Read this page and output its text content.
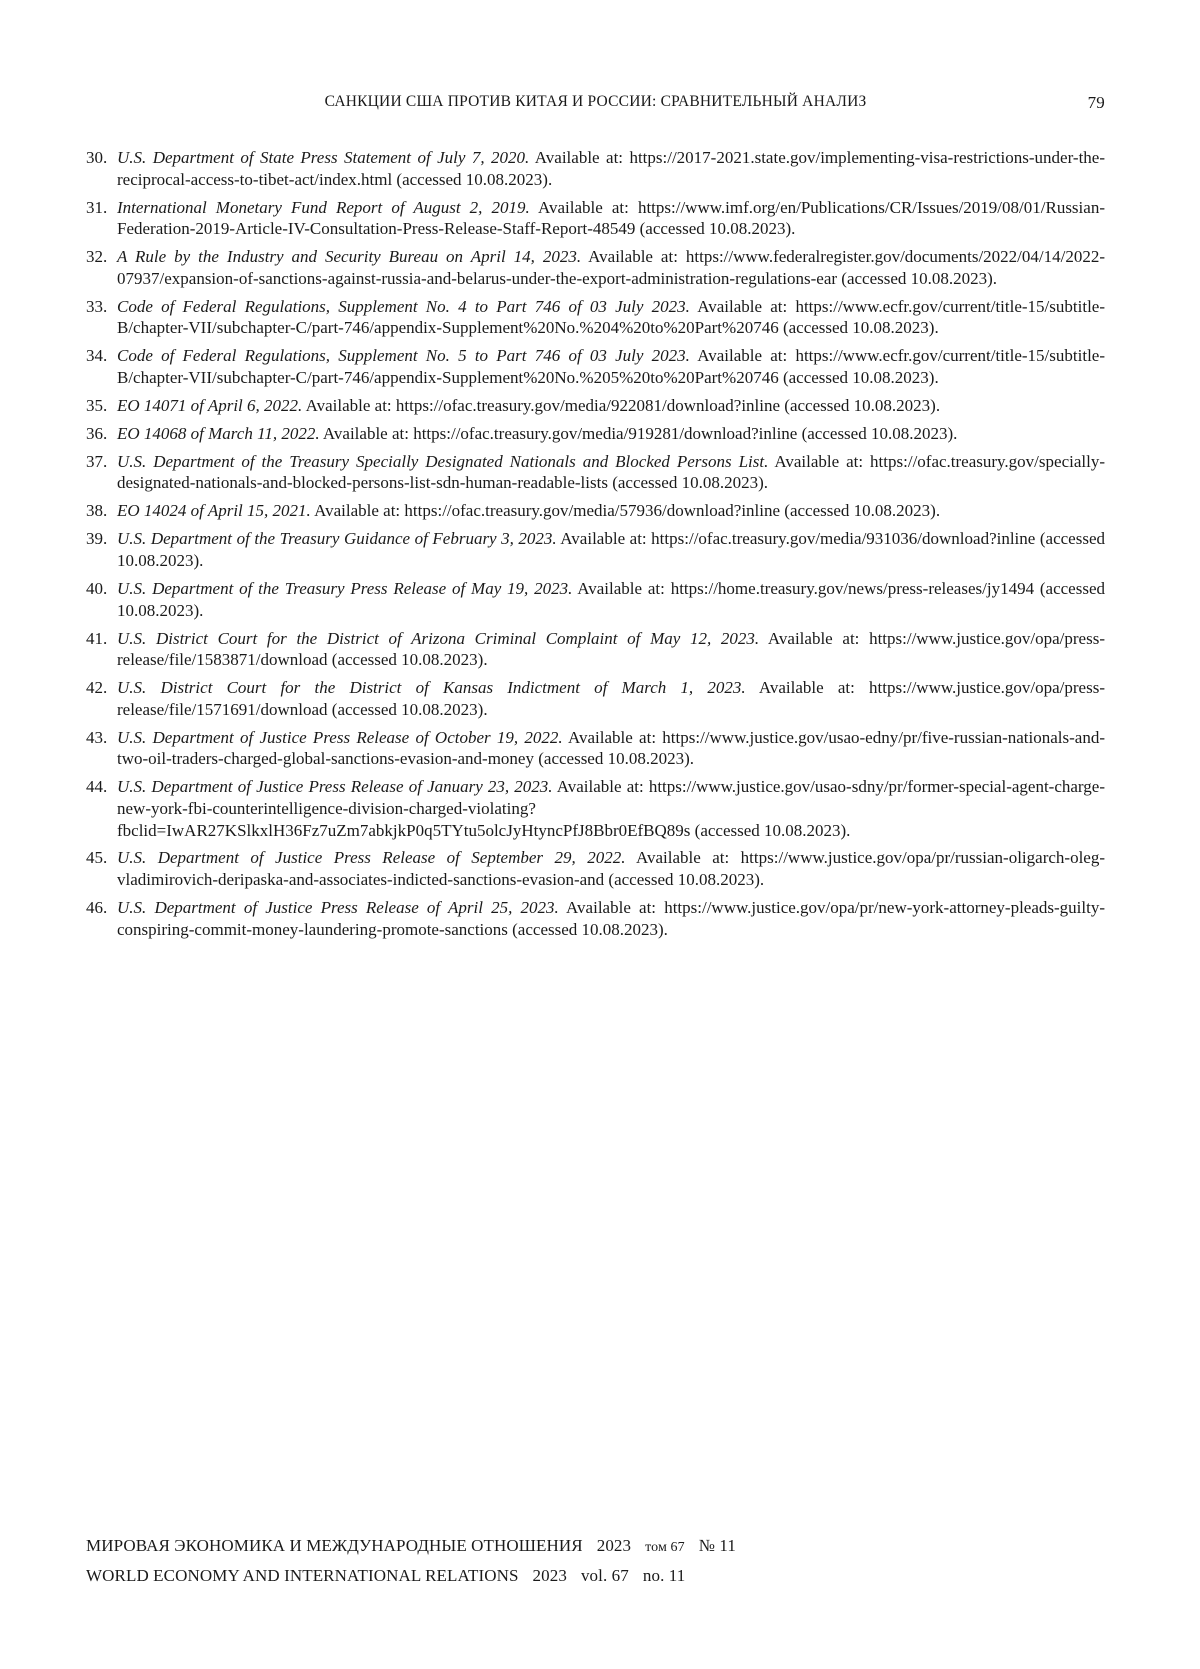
САНКЦИИ США ПРОТИВ КИТАЯ И РОССИИ: СРАВНИТЕЛЬНЫЙ АНАЛИЗ	79
30. U.S. Department of State Press Statement of July 7, 2020. Available at: https://2017-2021.state.gov/implementing-visa-restrictions-under-the-reciprocal-access-to-tibet-act/index.html (accessed 10.08.2023).
31. International Monetary Fund Report of August 2, 2019. Available at: https://www.imf.org/en/Publications/CR/Issues/2019/08/01/Russian-Federation-2019-Article-IV-Consultation-Press-Release-Staff-Report-48549 (accessed 10.08.2023).
32. A Rule by the Industry and Security Bureau on April 14, 2023. Available at: https://www.federalregister.gov/documents/2022/04/14/2022-07937/expansion-of-sanctions-against-russia-and-belarus-under-the-export-administration-regulations-ear (accessed 10.08.2023).
33. Code of Federal Regulations, Supplement No. 4 to Part 746 of 03 July 2023. Available at: https://www.ecfr.gov/current/title-15/subtitle-B/chapter-VII/subchapter-C/part-746/appendix-Supplement%20No.%204%20to%20Part%20746 (accessed 10.08.2023).
34. Code of Federal Regulations, Supplement No. 5 to Part 746 of 03 July 2023. Available at: https://www.ecfr.gov/current/title-15/subtitle-B/chapter-VII/subchapter-C/part-746/appendix-Supplement%20No.%205%20to%20Part%20746 (accessed 10.08.2023).
35. EO 14071 of April 6, 2022. Available at: https://ofac.treasury.gov/media/922081/download?inline (accessed 10.08.2023).
36. EO 14068 of March 11, 2022. Available at: https://ofac.treasury.gov/media/919281/download?inline (accessed 10.08.2023).
37. U.S. Department of the Treasury Specially Designated Nationals and Blocked Persons List. Available at: https://ofac.treasury.gov/specially-designated-nationals-and-blocked-persons-list-sdn-human-readable-lists (accessed 10.08.2023).
38. EO 14024 of April 15, 2021. Available at: https://ofac.treasury.gov/media/57936/download?inline (accessed 10.08.2023).
39. U.S. Department of the Treasury Guidance of February 3, 2023. Available at: https://ofac.treasury.gov/media/931036/download?inline (accessed 10.08.2023).
40. U.S. Department of the Treasury Press Release of May 19, 2023. Available at: https://home.treasury.gov/news/press-releases/jy1494 (accessed 10.08.2023).
41. U.S. District Court for the District of Arizona Criminal Complaint of May 12, 2023. Available at: https://www.justice.gov/opa/press-release/file/1583871/download (accessed 10.08.2023).
42. U.S. District Court for the District of Kansas Indictment of March 1, 2023. Available at: https://www.justice.gov/opa/press-release/file/1571691/download (accessed 10.08.2023).
43. U.S. Department of Justice Press Release of October 19, 2022. Available at: https://www.justice.gov/usao-edny/pr/five-russian-nationals-and-two-oil-traders-charged-global-sanctions-evasion-and-money (accessed 10.08.2023).
44. U.S. Department of Justice Press Release of January 23, 2023. Available at: https://www.justice.gov/usao-sdny/pr/former-special-agent-charge-new-york-fbi-counterintelligence-division-charged-violating?fbclid=IwAR27KSlkxlH36Fz7uZm7abkjkP0q5TYtu5olcJyHtyncPfJ8Bbr0EfBQ89s (accessed 10.08.2023).
45. U.S. Department of Justice Press Release of September 29, 2022. Available at: https://www.justice.gov/opa/pr/russian-oligarch-oleg-vladimirovich-deripaska-and-associates-indicted-sanctions-evasion-and (accessed 10.08.2023).
46. U.S. Department of Justice Press Release of April 25, 2023. Available at: https://www.justice.gov/opa/pr/new-york-attorney-pleads-guilty-conspiring-commit-money-laundering-promote-sanctions (accessed 10.08.2023).
МИРОВАЯ ЭКОНОМИКА И МЕЖДУНАРОДНЫЕ ОТНОШЕНИЯ 2023 том 67 № 11
WORLD ECONOMY AND INTERNATIONAL RELATIONS 2023 vol. 67 no. 11
